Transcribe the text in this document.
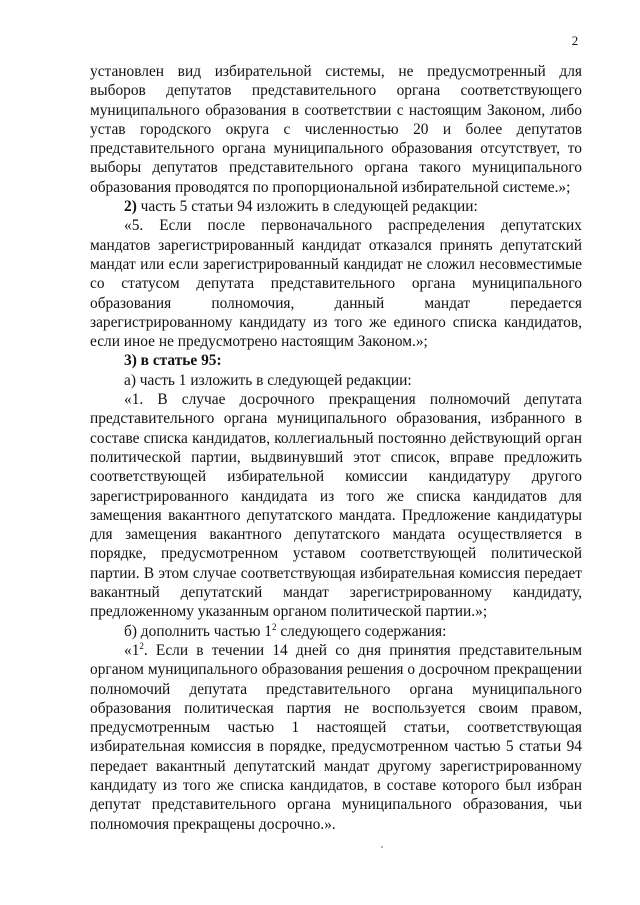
2

установлен вид избирательной системы, не предусмотренный для выборов депутатов представительного органа соответствующего муниципального образования в соответствии с настоящим Законом, либо устав городского округа с численностью 20 и более депутатов представительного органа муниципального образования отсутствует, то выборы депутатов представительного органа такого муниципального образования проводятся по пропорциональной избирательной системе.»;

2) часть 5 статьи 94 изложить в следующей редакции:

«5. Если после первоначального распределения депутатских мандатов зарегистрированный кандидат отказался принять депутатский мандат или если зарегистрированный кандидат не сложил несовместимые со статусом депутата представительного органа муниципального образования полномочия, данный мандат передается зарегистрированному кандидату из того же единого списка кандидатов, если иное не предусмотрено настоящим Законом.»;

3) в статье 95:

а) часть 1 изложить в следующей редакции:

«1. В случае досрочного прекращения полномочий депутата представительного органа муниципального образования, избранного в составе списка кандидатов, коллегиальный постоянно действующий орган политической партии, выдвинувший этот список, вправе предложить соответствующей избирательной комиссии кандидатуру другого зарегистрированного кандидата из того же списка кандидатов для замещения вакантного депутатского мандата. Предложение кандидатуры для замещения вакантного депутатского мандата осуществляется в порядке, предусмотренном уставом соответствующей политической партии. В этом случае соответствующая избирательная комиссия передает вакантный депутатский мандат зарегистрированному кандидату, предложенному указанным органом политической партии.»;

б) дополнить частью $1^2$ следующего содержания:

«$1^2$. Если в течении 14 дней со дня принятия представительным органом муниципального образования решения о досрочном прекращении полномочий депутата представительного органа муниципального образования политическая партия не воспользуется своим правом, предусмотренным частью 1 настоящей статьи, соответствующая избирательная комиссия в порядке, предусмотренном частью 5 статьи 94 передает вакантный депутатский мандат другому зарегистрированному кандидату из того же списка кандидатов, в составе которого был избран депутат представительного органа муниципального образования, чьи полномочия прекращены досрочно.».
